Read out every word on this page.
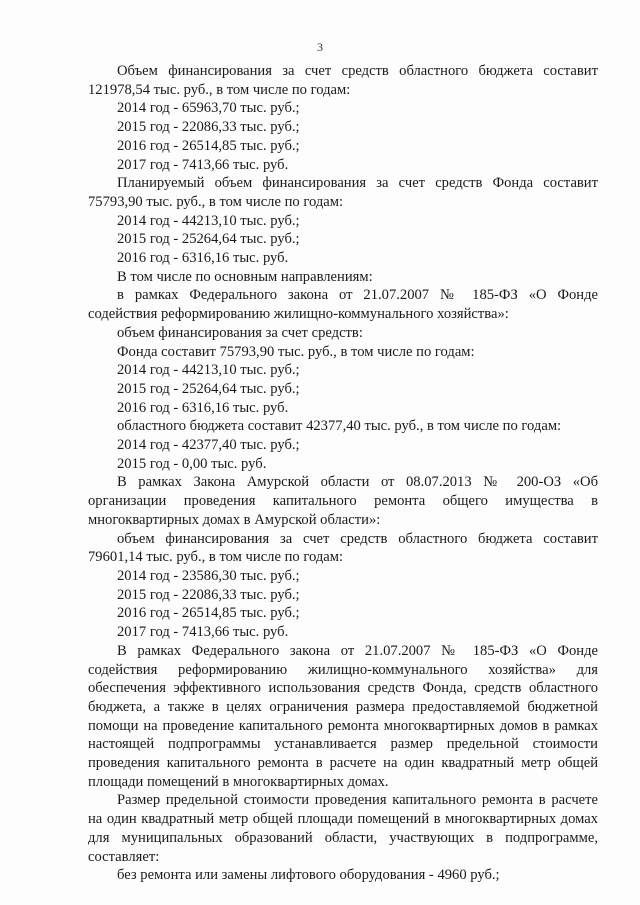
3

Объем финансирования за счет средств областного бюджета составит 121978,54 тыс. руб., в том числе по годам:

2014 год - 65963,70 тыс. руб.;

2015 год - 22086,33 тыс. руб.;

2016 год - 26514,85 тыс. руб.;

2017 год - 7413,66 тыс. руб.

Планируемый объем финансирования за счет средств Фонда составит 75793,90 тыс. руб., в том числе по годам:

2014 год - 44213,10 тыс. руб.;

2015 год - 25264,64 тыс. руб.;

2016 год - 6316,16 тыс. руб.

В том числе по основным направлениям:

в рамках Федерального закона от 21.07.2007 № 185-ФЗ «О Фонде содействия реформированию жилищно-коммунального хозяйства»:

объем финансирования за счет средств:

Фонда составит 75793,90 тыс. руб., в том числе по годам:

2014 год - 44213,10 тыс. руб.;

2015 год - 25264,64 тыс. руб.;

2016 год - 6316,16 тыс. руб.

областного бюджета составит 42377,40 тыс. руб., в том числе по годам:

2014 год - 42377,40 тыс. руб.;

2015 год - 0,00 тыс. руб.

В рамках Закона Амурской области от 08.07.2013 № 200-ОЗ «Об организации проведения капитального ремонта общего имущества в многоквартирных домах в Амурской области»:

объем финансирования за счет средств областного бюджета составит 79601,14 тыс. руб., в том числе по годам:

2014 год - 23586,30 тыс. руб.;

2015 год - 22086,33 тыс. руб.;

2016 год - 26514,85 тыс. руб.;

2017 год - 7413,66 тыс. руб.

В рамках Федерального закона от 21.07.2007 № 185-ФЗ «О Фонде содействия реформированию жилищно-коммунального хозяйства» для обеспечения эффективного использования средств Фонда, средств областного бюджета, а также в целях ограничения размера предоставляемой бюджетной помощи на проведение капитального ремонта многоквартирных домов в рамках настоящей подпрограммы устанавливается размер предельной стоимости проведения капитального ремонта в расчете на один квадратный метр общей площади помещений в многоквартирных домах.

Размер предельной стоимости проведения капитального ремонта в расчете на один квадратный метр общей площади помещений в многоквартирных домах для муниципальных образований области, участвующих в подпрограмме, составляет:

без ремонта или замены лифтового оборудования - 4960 руб.;
